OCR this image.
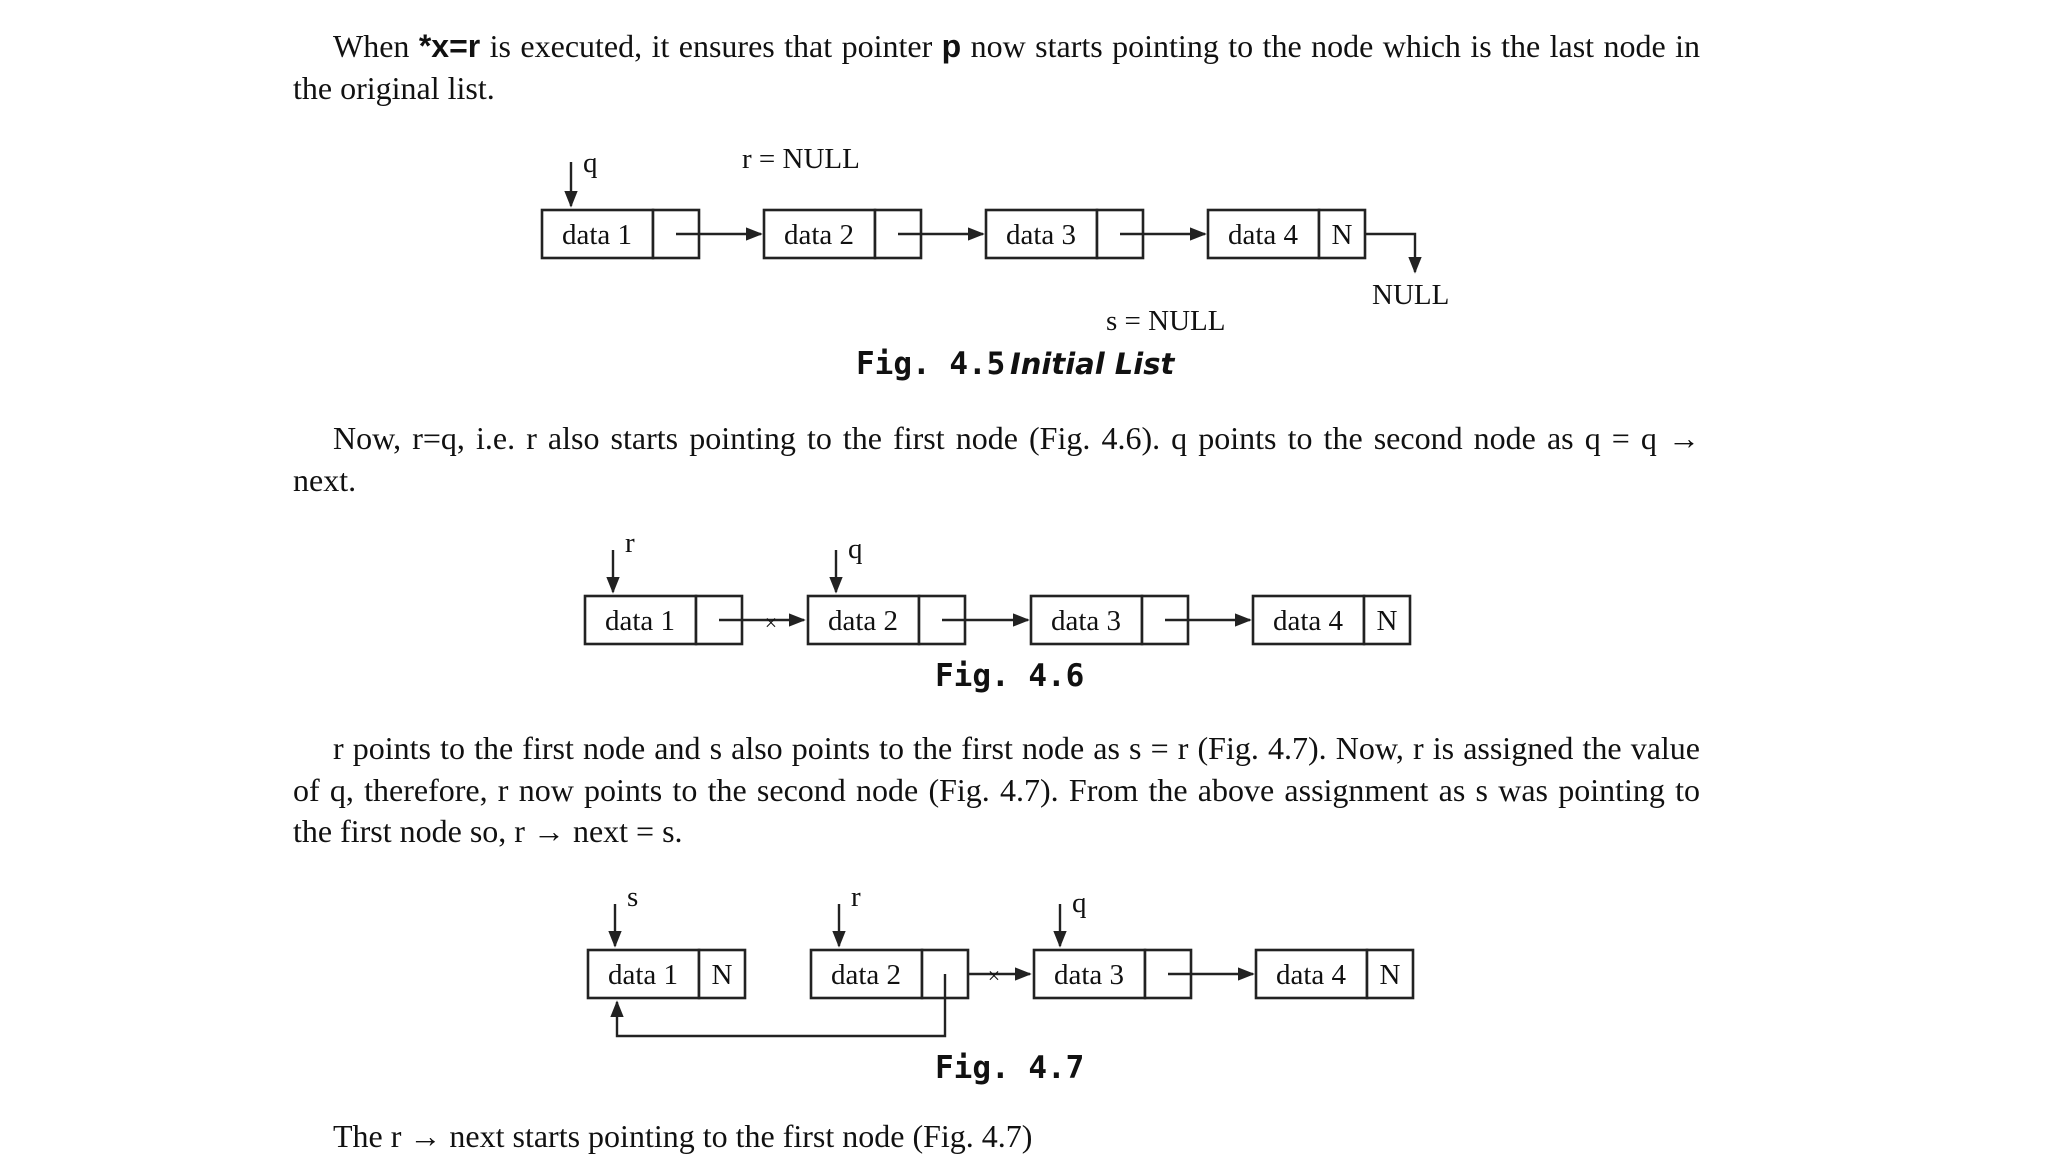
When *x=r is executed, it ensures that pointer p now starts pointing to the node which is the last node in the original list.

q	r = NULL
data 1	data 2	data 3	data 4 N
NULL
s = NULL
Fig. 4.5 Initial List

Now, r=q, i.e. r also starts pointing to the first node (Fig. 4.6). q points to the second node as q = q → next.

r	q
data 1	× data 2	data 3	data 4 N
Fig. 4.6

r points to the first node and s also points to the first node as s = r (Fig. 4.7). Now, r is assigned the value of q, therefore, r now points to the second node (Fig. 4.7). From the above assignment as s was pointing to the first node so, r → next = s.

s	r	q
data 1 N	data 2	× data 3	data 4 N
Fig. 4.7

The r → next starts pointing to the first node (Fig. 4.7)
